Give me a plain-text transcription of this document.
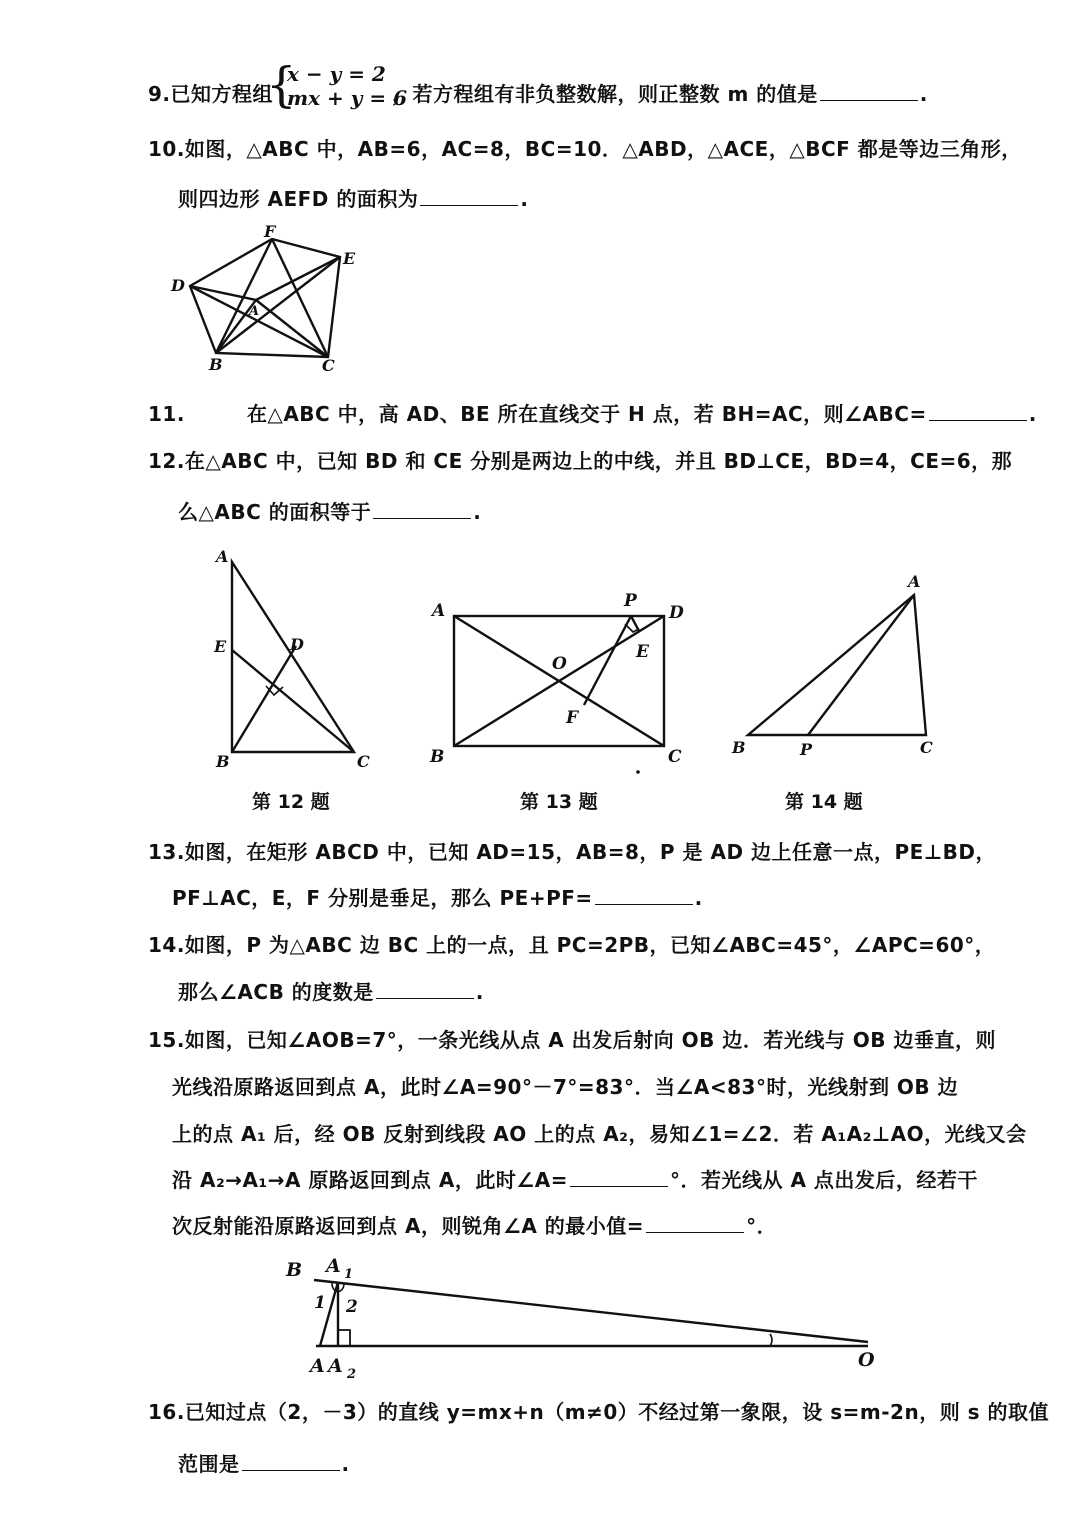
9.已知方程组
{
x − y = 2
mx + y = 6
，若方程组有非负整数解，则正整数 m 的值是	.
10.如图，△ABC 中，AB=6，AC=8，BC=10．△ABD，△ACE，△BCF 都是等边三角形，
则四边形 AEFD 的面积为	.
F
E
D
A
B	C
11.	在△ABC 中，高 AD、BE 所在直线交于 H 点，若 BH=AC，则∠ABC=	.
12.在△ABC 中，已知 BD 和 CE 分别是两边上的中线，并且 BD⊥CE，BD=4，CE=6，那
么△ABC 的面积等于	.
A
E	D
B	C
第 12 题
A	P
D
E
O
F
B	C
第 13 题
A
B	P	C
第 14 题
13.如图，在矩形 ABCD 中，已知 AD=15，AB=8，P 是 AD 边上任意一点，PE⊥BD，
PF⊥AC，E，F 分别是垂足，那么 PE+PF=	.
14.如图，P 为△ABC 边 BC 上的一点，且 PC=2PB，已知∠ABC=45°，∠APC=60°，
那么∠ACB 的度数是	.
15.如图，已知∠AOB=7°，一条光线从点 A 出发后射向 OB 边．若光线与 OB 边垂直，则
光线沿原路返回到点 A，此时∠A=90°－7°=83°．当∠A<83°时，光线射到 OB 边
上的点 A₁ 后，经 OB 反射到线段 AO 上的点 A₂，易知∠1=∠2．若 A₁A₂⊥AO，光线又会
沿 A₂→A₁→A 原路返回到点 A，此时∠A=	°．若光线从 A 点出发后，经若干
次反射能沿原路返回到点 A，则锐角∠A 的最小值=	°．
B A 1
1 2
A A 2
O
16.已知过点（2，－3）的直线 y=mx+n（m≠0）不经过第一象限，设 s=m-2n，则 s 的取值
范围是	.
